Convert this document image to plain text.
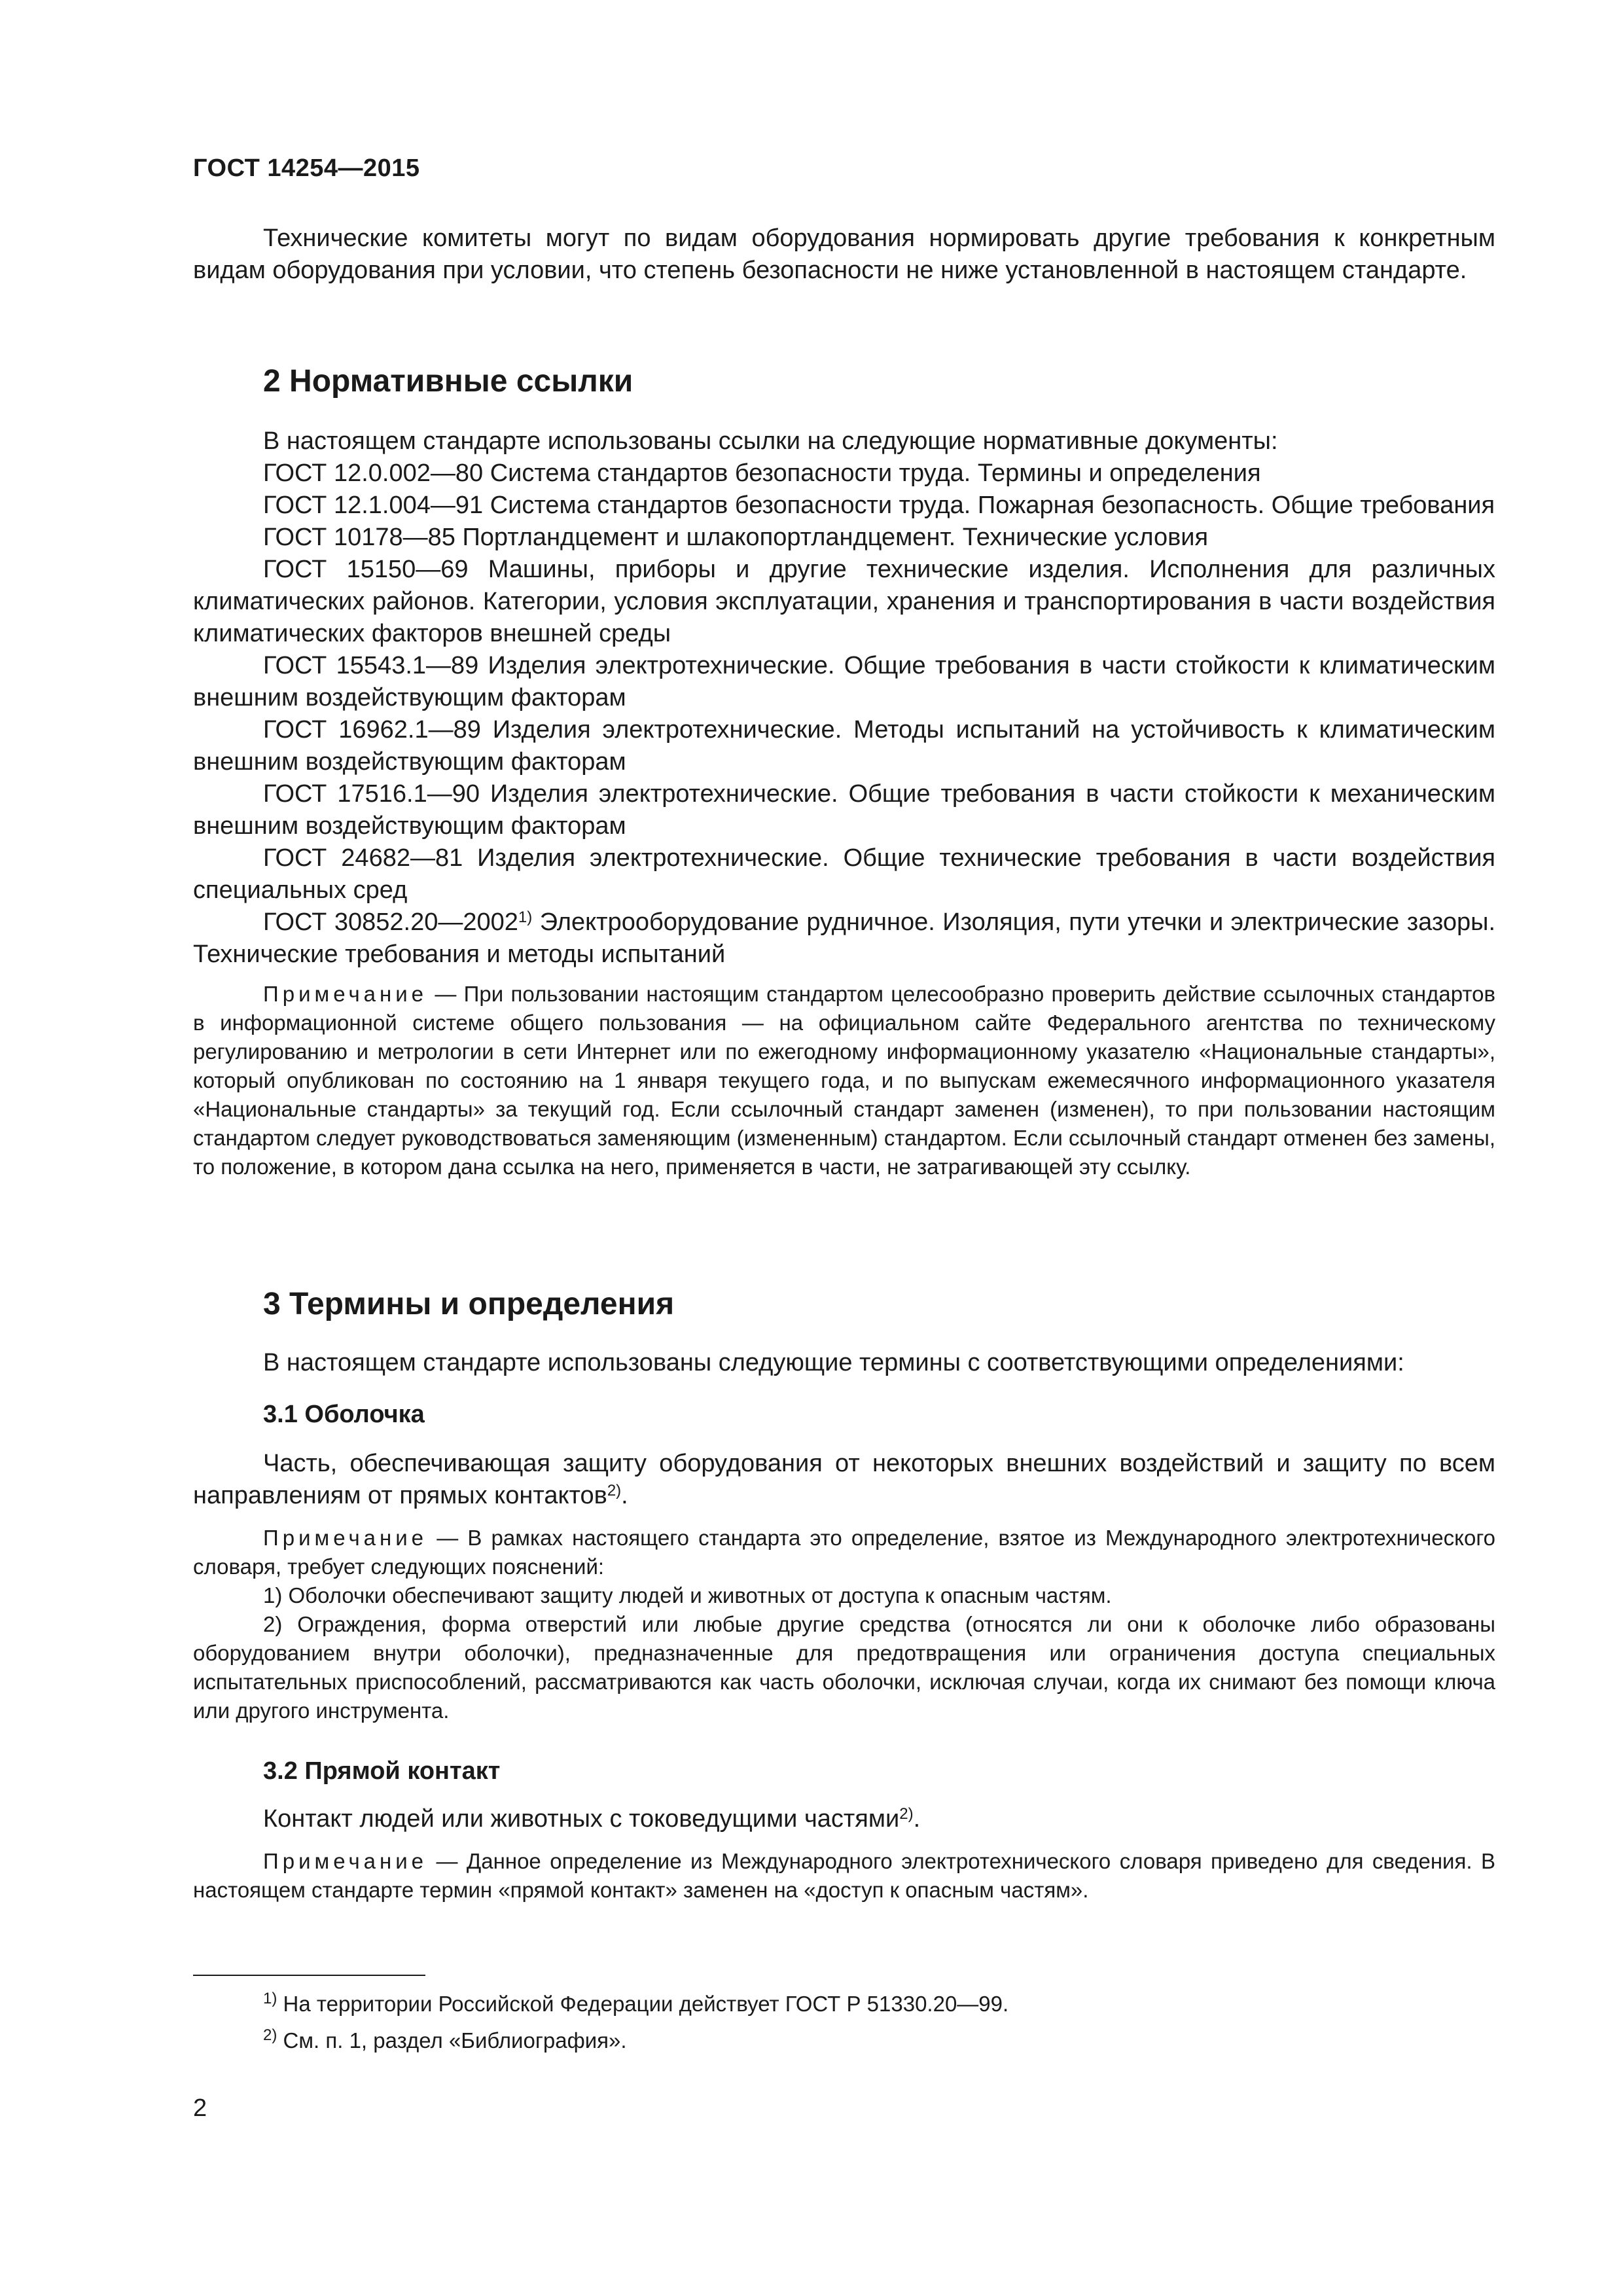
ГОСТ 14254—2015

Технические комитеты могут по видам оборудования нормировать другие требования к конкретным видам оборудования при условии, что степень безопасности не ниже установленной в настоящем стандарте.

2 Нормативные ссылки

В настоящем стандарте использованы ссылки на следующие нормативные документы:

ГОСТ 12.0.002—80 Система стандартов безопасности труда. Термины и определения

ГОСТ 12.1.004—91 Система стандартов безопасности труда. Пожарная безопасность. Общие требования

ГОСТ 10178—85 Портландцемент и шлакопортландцемент. Технические условия

ГОСТ 15150—69 Машины, приборы и другие технические изделия. Исполнения для различных климатических районов. Категории, условия эксплуатации, хранения и транспортирования в части воздействия климатических факторов внешней среды

ГОСТ 15543.1—89 Изделия электротехнические. Общие требования в части стойкости к климатическим внешним воздействующим факторам

ГОСТ 16962.1—89 Изделия электротехнические. Методы испытаний на устойчивость к климатическим внешним воздействующим факторам

ГОСТ 17516.1—90 Изделия электротехнические. Общие требования в части стойкости к механическим внешним воздействующим факторам

ГОСТ 24682—81 Изделия электротехнические. Общие технические требования в части воздействия специальных сред

ГОСТ 30852.20—2002$^{1)}$ Электрооборудование рудничное. Изоляция, пути утечки и электрические зазоры. Технические требования и методы испытаний

Примечание — При пользовании настоящим стандартом целесообразно проверить действие ссылочных стандартов в информационной системе общего пользования — на официальном сайте Федерального агентства по техническому регулированию и метрологии в сети Интернет или по ежегодному информационному указателю «Национальные стандарты», который опубликован по состоянию на 1 января текущего года, и по выпускам ежемесячного информационного указателя «Национальные стандарты» за текущий год. Если ссылочный стандарт заменен (изменен), то при пользовании настоящим стандартом следует руководствоваться заменяющим (измененным) стандартом. Если ссылочный стандарт отменен без замены, то положение, в котором дана ссылка на него, применяется в части, не затрагивающей эту ссылку.

3 Термины и определения

В настоящем стандарте использованы следующие термины с соответствующими определениями:

3.1 Оболочка

Часть, обеспечивающая защиту оборудования от некоторых внешних воздействий и защиту по всем направлениям от прямых контактов$^{2)}$.

Примечание — В рамках настоящего стандарта это определение, взятое из Международного электротехнического словаря, требует следующих пояснений:

1) Оболочки обеспечивают защиту людей и животных от доступа к опасным частям.

2) Ограждения, форма отверстий или любые другие средства (относятся ли они к оболочке либо образованы оборудованием внутри оболочки), предназначенные для предотвращения или ограничения доступа специальных испытательных приспособлений, рассматриваются как часть оболочки, исключая случаи, когда их снимают без помощи ключа или другого инструмента.

3.2 Прямой контакт

Контакт людей или животных с токоведущими частями$^{2)}$.

Примечание — Данное определение из Международного электротехнического словаря приведено для сведения. В настоящем стандарте термин «прямой контакт» заменен на «доступ к опасным частям».

$^{1)}$ На территории Российской Федерации действует ГОСТ Р 51330.20—99.
$^{2)}$ См. п. 1, раздел «Библиография».
2
